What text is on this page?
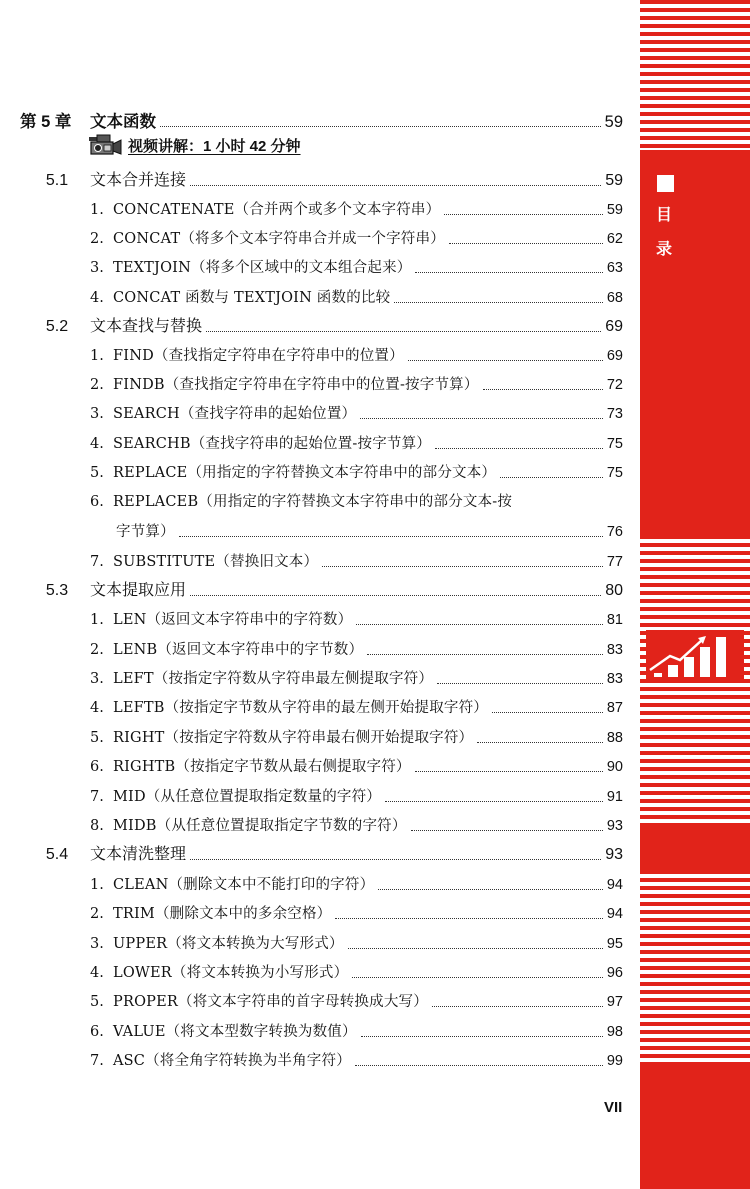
第 5 章	文本函数	59
视频讲解：1 小时 42 分钟
5.1	文本合并连接	59
1. CONCATENATE（合并两个或多个文本字符串）	59
2. CONCAT（将多个文本字符串合并成一个字符串）	62
3. TEXTJOIN（将多个区域中的文本组合起来）	63
4. CONCAT 函数与 TEXTJOIN 函数的比较	68
5.2	文本查找与替换	69
1. FIND（查找指定字符串在字符串中的位置）	69
2. FINDB（查找指定字符串在字符串中的位置-按字节算）	72
3. SEARCH（查找字符串的起始位置）	73
4. SEARCHB（查找字符串的起始位置-按字节算）	75
5. REPLACE（用指定的字符替换文本字符串中的部分文本）	75
6. REPLACEB（用指定的字符替换文本字符串中的部分文本-按
字节算）	76
7. SUBSTITUTE（替换旧文本）	77
5.3	文本提取应用	80
1. LEN（返回文本字符串中的字符数）	81
2. LENB（返回文本字符串中的字节数）	83
3. LEFT（按指定字符数从字符串最左侧提取字符）	83
4. LEFTB（按指定字节数从字符串的最左侧开始提取字符）	87
5. RIGHT（按指定字符数从字符串最右侧开始提取字符）	88
6. RIGHTB（按指定字节数从最右侧提取字符）	90
7. MID（从任意位置提取指定数量的字符）	91
8. MIDB（从任意位置提取指定字节数的字符）	93
5.4	文本清洗整理	93
1. CLEAN（删除文本中不能打印的字符）	94
2. TRIM（删除文本中的多余空格）	94
3. UPPER（将文本转换为大写形式）	95
4. LOWER（将文本转换为小写形式）	96
5. PROPER（将文本字符串的首字母转换成大写）	97
6. VALUE（将文本型数字转换为数值）	98
7. ASC（将全角字符转换为半角字符）	99
VII
目
录
